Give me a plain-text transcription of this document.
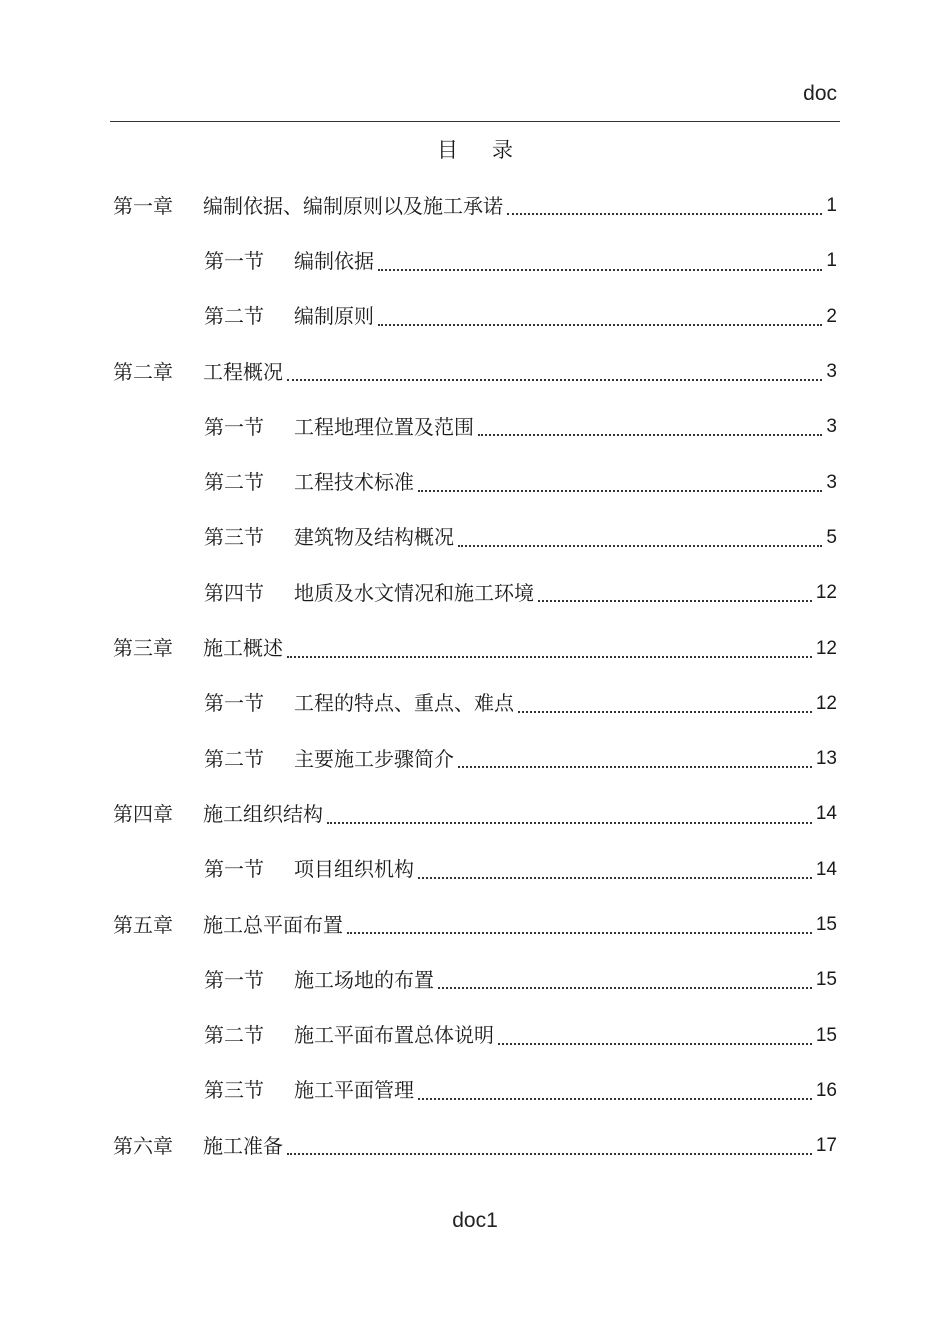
doc
目 录
第一章	编制依据、编制原则以及施工承诺	1
第一节	编制依据	1
第二节	编制原则	2
第二章	工程概况	3
第一节	工程地理位置及范围	3
第二节	工程技术标准	3
第三节	建筑物及结构概况	5
第四节	地质及水文情况和施工环境	12
第三章	施工概述	12
第一节	工程的特点、重点、难点	12
第二节	主要施工步骤简介	13
第四章	施工组织结构	14
第一节	项目组织机构	14
第五章	施工总平面布置	15
第一节	施工场地的布置	15
第二节	施工平面布置总体说明	15
第三节	施工平面管理	16
第六章	施工准备	17
doc1
